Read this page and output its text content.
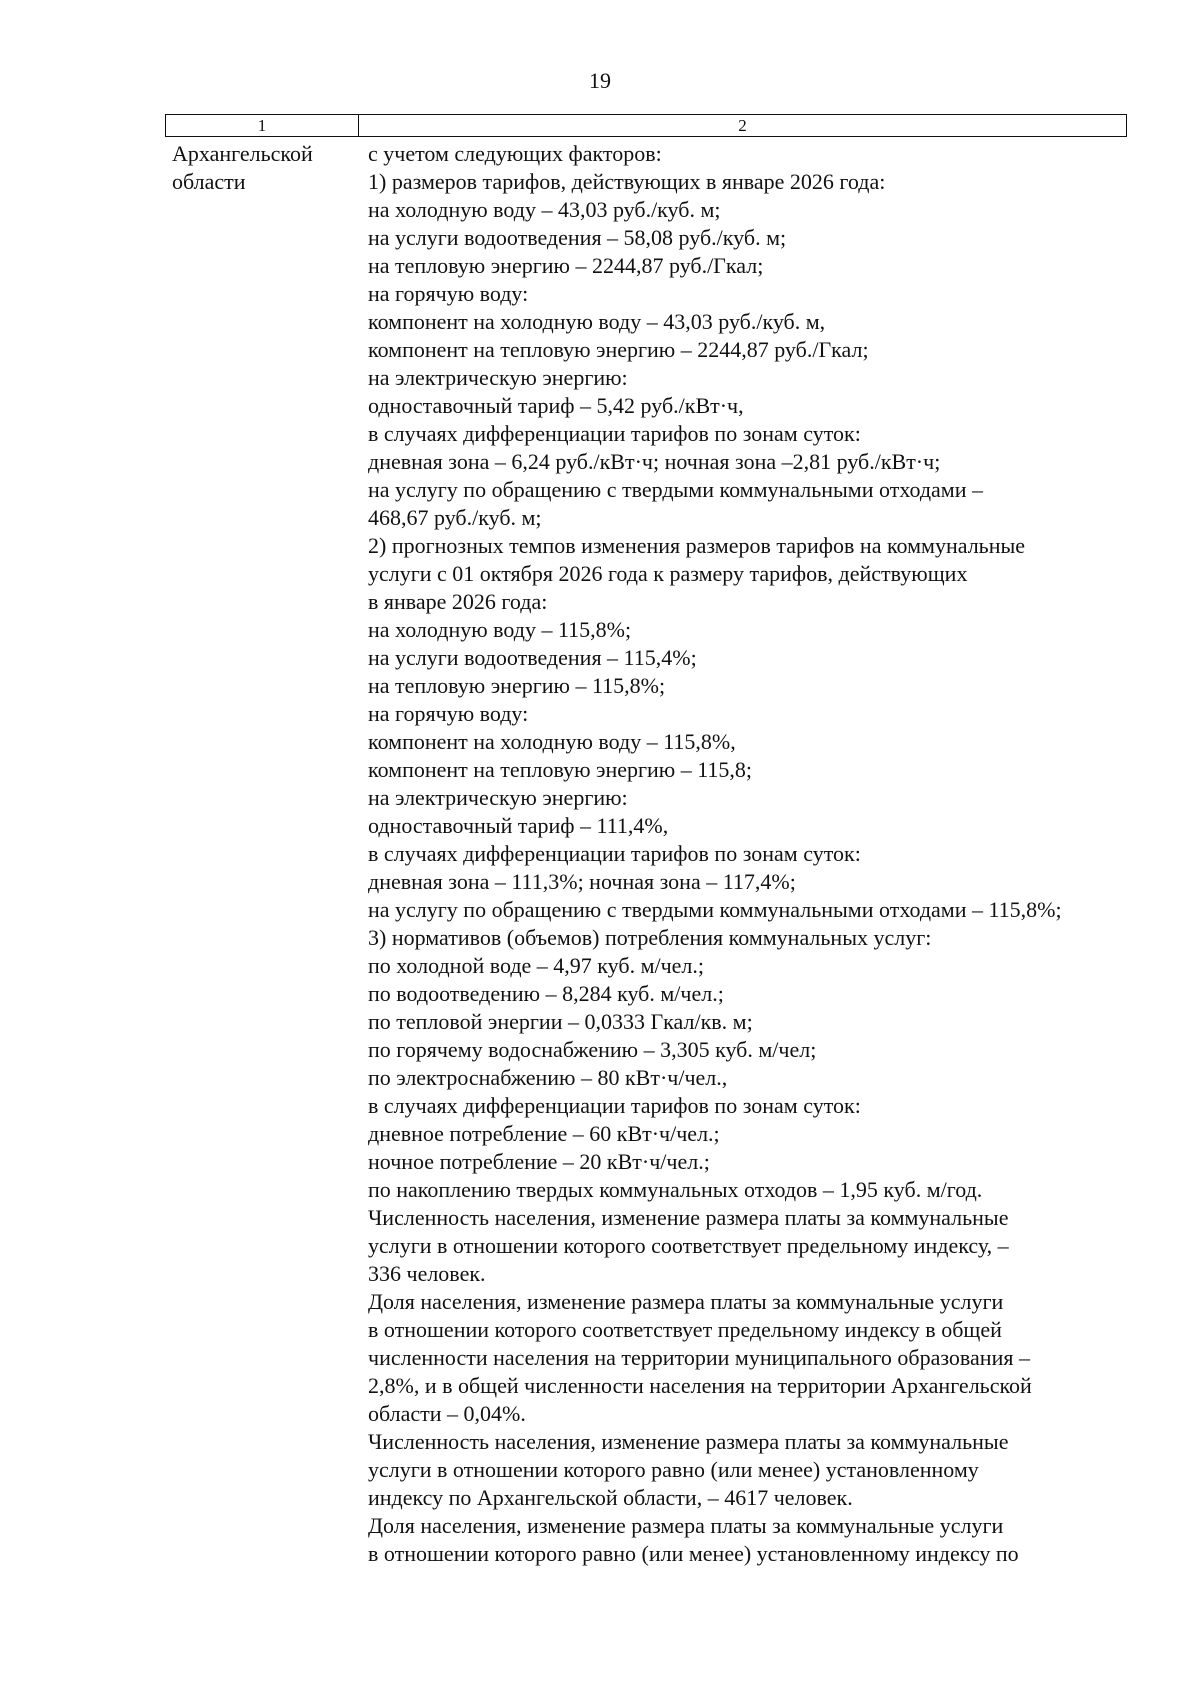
19
1	2
Архангельской
области
с учетом следующих факторов:
1) размеров тарифов, действующих в январе 2026 года:
на холодную воду – 43,03 руб./куб. м;
на услуги водоотведения – 58,08 руб./куб. м;
на тепловую энергию – 2244,87 руб./Гкал;
на горячую воду:
компонент на холодную воду – 43,03 руб./куб. м,
компонент на тепловую энергию – 2244,87 руб./Гкал;
на электрическую энергию:
одноставочный тариф – 5,42 руб./кВт·ч,
в случаях дифференциации тарифов по зонам суток:
дневная зона – 6,24 руб./кВт·ч; ночная зона –2,81 руб./кВт·ч;
на услугу по обращению с твердыми коммунальными отходами –
468,67 руб./куб. м;
2) прогнозных темпов изменения размеров тарифов на коммунальные
услуги с 01 октября 2026 года к размеру тарифов, действующих
в январе 2026 года:
на холодную воду – 115,8%;
на услуги водоотведения – 115,4%;
на тепловую энергию – 115,8%;
на горячую воду:
компонент на холодную воду – 115,8%,
компонент на тепловую энергию – 115,8;
на электрическую энергию:
одноставочный тариф – 111,4%,
в случаях дифференциации тарифов по зонам суток:
дневная зона – 111,3%; ночная зона – 117,4%;
на услугу по обращению с твердыми коммунальными отходами – 115,8%;
3) нормативов (объемов) потребления коммунальных услуг:
по холодной воде – 4,97 куб. м/чел.;
по водоотведению – 8,284 куб. м/чел.;
по тепловой энергии – 0,0333 Гкал/кв. м;
по горячему водоснабжению – 3,305 куб. м/чел;
по электроснабжению – 80 кВт·ч/чел.,
в случаях дифференциации тарифов по зонам суток:
дневное потребление – 60 кВт·ч/чел.;
ночное потребление – 20 кВт·ч/чел.;
по накоплению твердых коммунальных отходов – 1,95 куб. м/год.
Численность населения, изменение размера платы за коммунальные
услуги в отношении которого соответствует предельному индексу, –
336 человек.
Доля населения, изменение размера платы за коммунальные услуги
в отношении которого соответствует предельному индексу в общей
численности населения на территории муниципального образования –
2,8%, и в общей численности населения на территории Архангельской
области – 0,04%.
Численность населения, изменение размера платы за коммунальные
услуги в отношении которого равно (или менее) установленному
индексу по Архангельской области, – 4617 человек.
Доля населения, изменение размера платы за коммунальные услуги
в отношении которого равно (или менее) установленному индексу по
